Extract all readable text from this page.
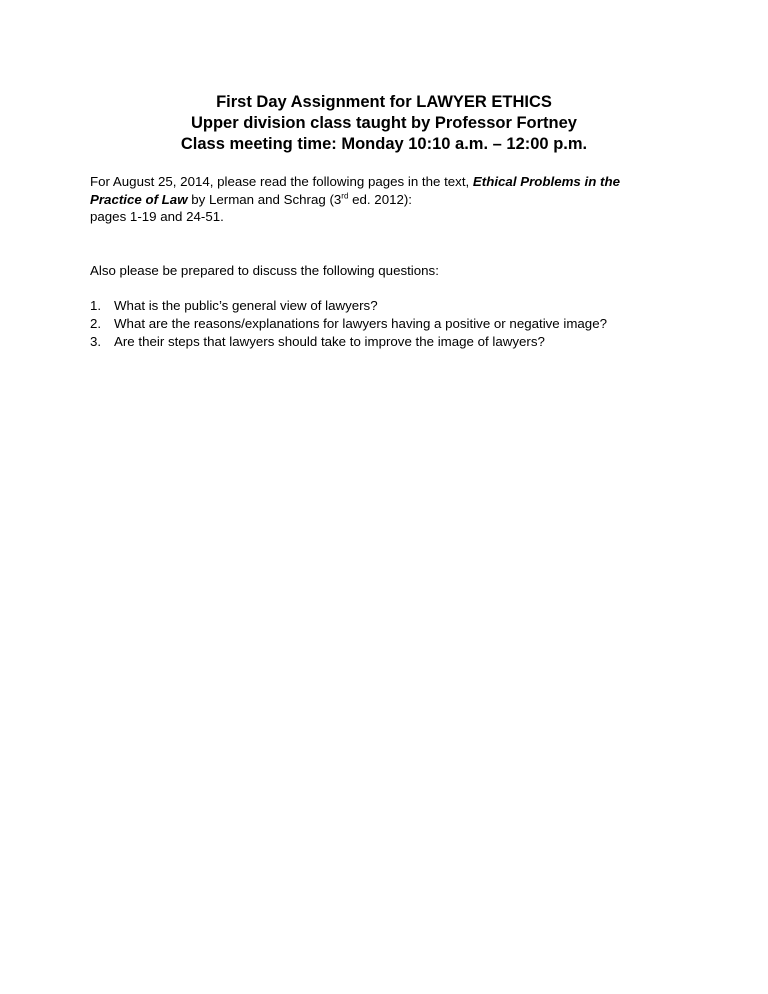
First Day Assignment for LAWYER ETHICS

Upper division class taught by Professor Fortney

Class meeting time: Monday 10:10 a.m. – 12:00 p.m.

For August 25, 2014, please read the following pages in the text, Ethical Problems in the Practice of Law by Lerman and Schrag (3rd ed. 2012):

pages 1-19 and 24-51.

Also please be prepared to discuss the following questions:

1. What is the public’s general view of lawyers?
2. What are the reasons/explanations for lawyers having a positive or negative image?
3. Are their steps that lawyers should take to improve the image of lawyers?
